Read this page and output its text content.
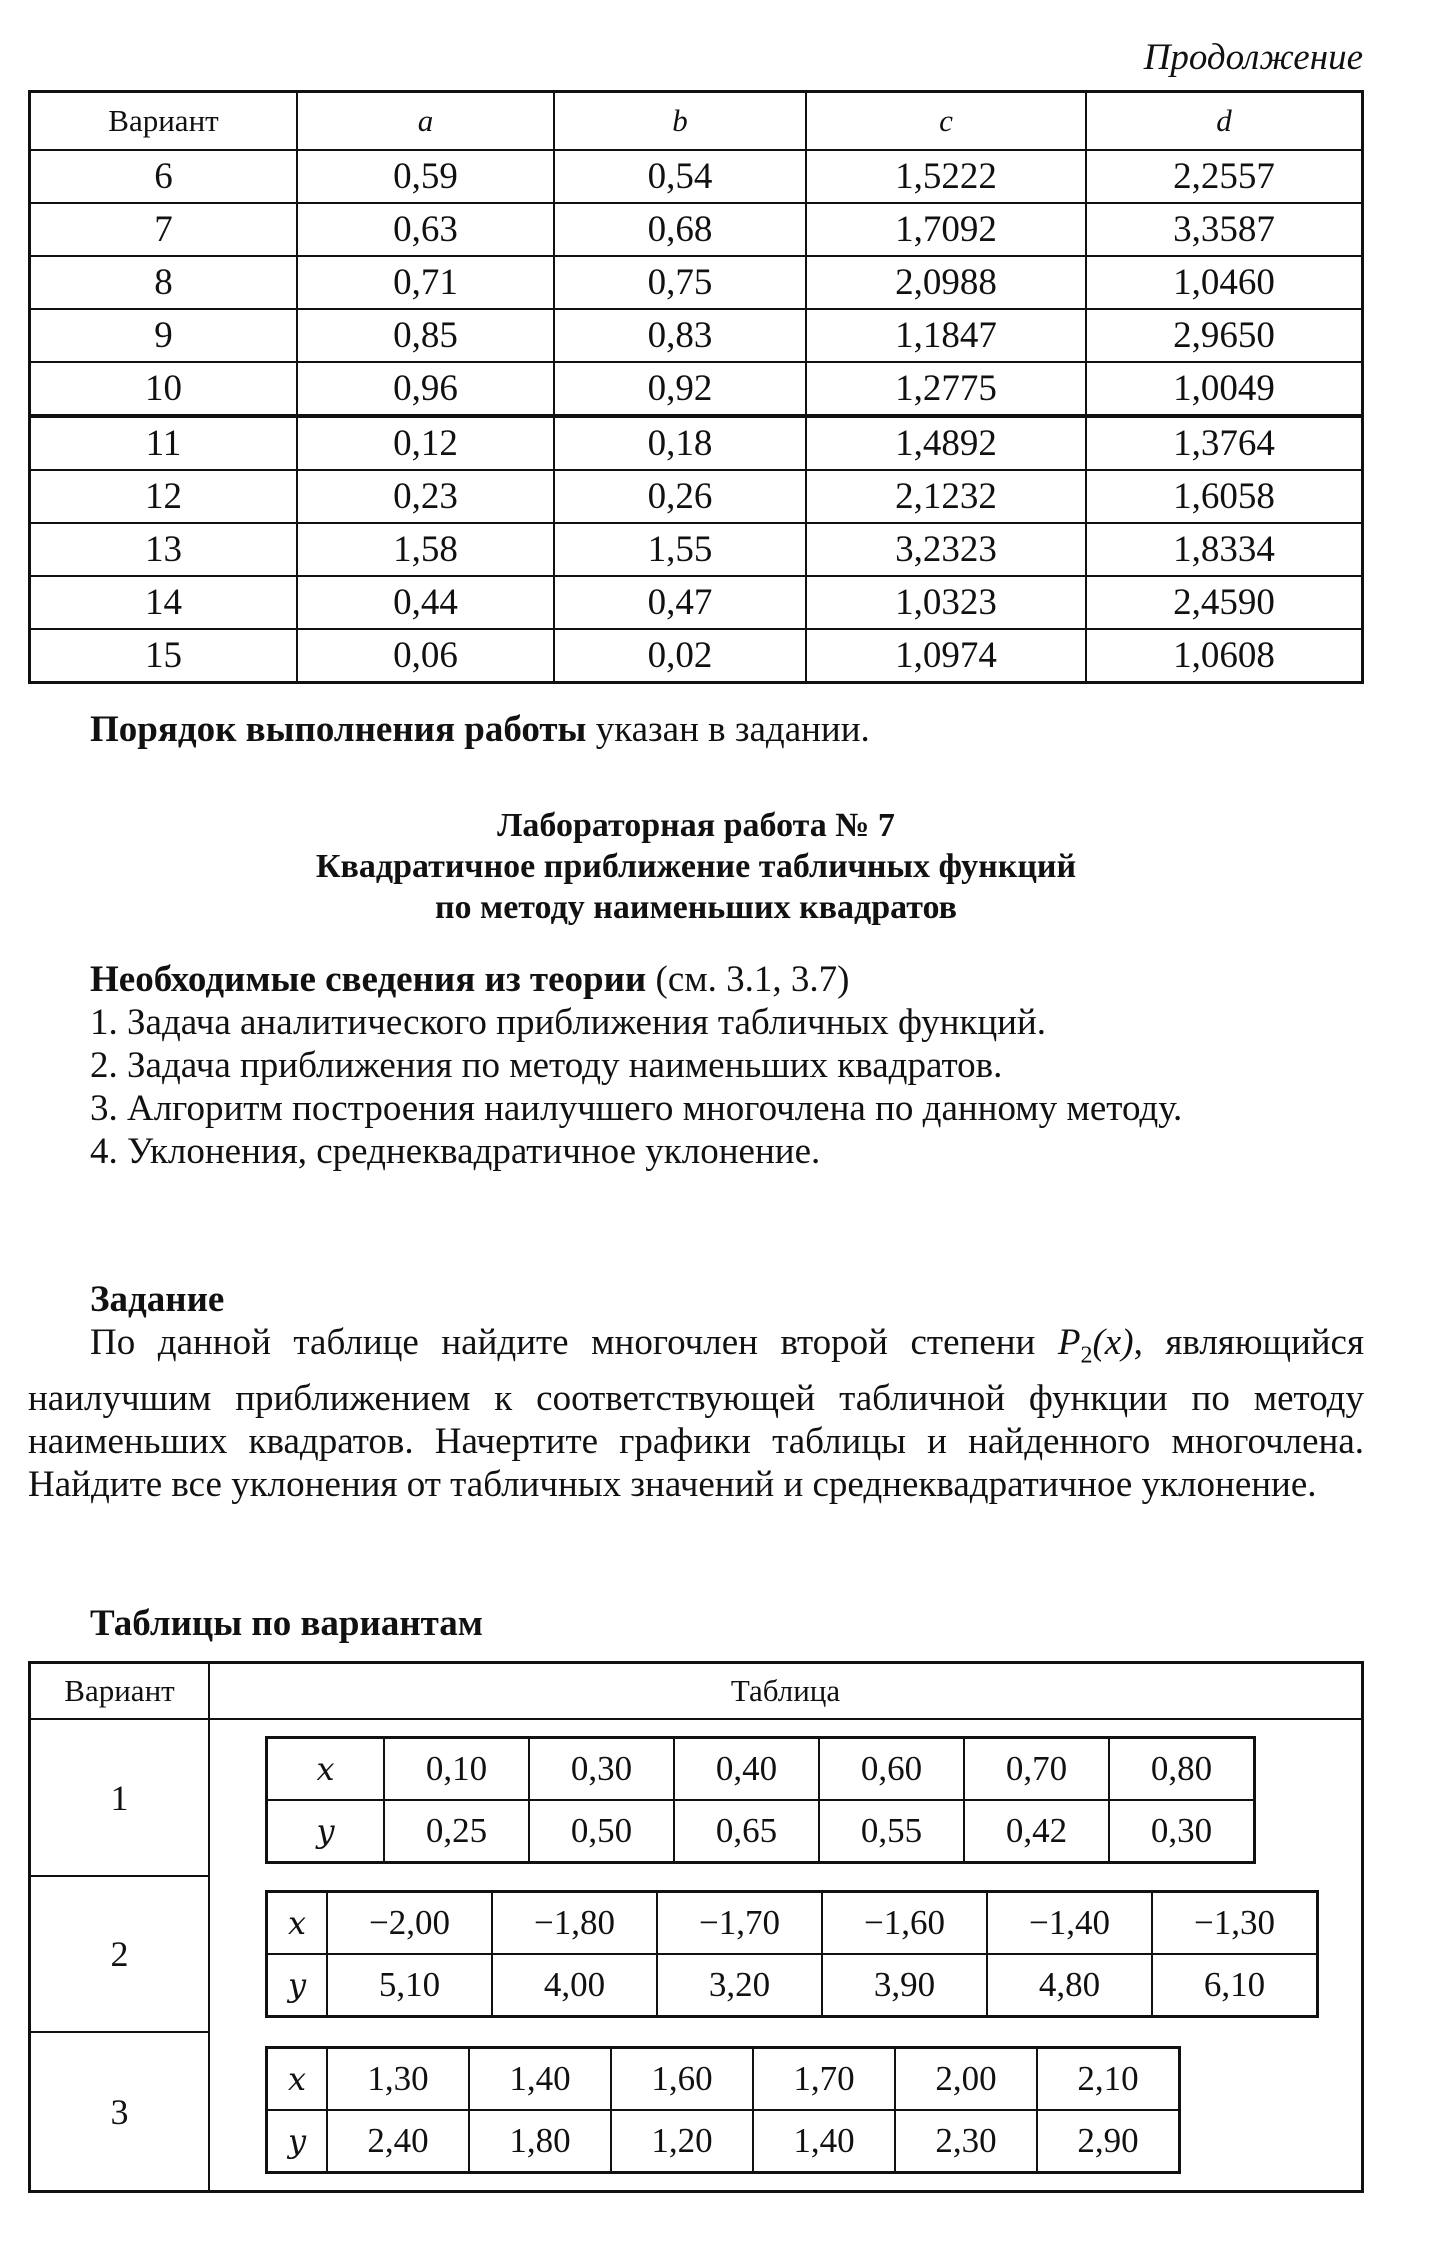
Продолжение
Вариант	a	b	c	d
6	0,59	0,54	1,5222	2,2557
7	0,63	0,68	1,7092	3,3587
8	0,71	0,75	2,0988	1,0460
9	0,85	0,83	1,1847	2,9650
10	0,96	0,92	1,2775	1,0049
11	0,12	0,18	1,4892	1,3764
12	0,23	0,26	2,1232	1,6058
13	1,58	1,55	3,2323	1,8334
14	0,44	0,47	1,0323	2,4590
15	0,06	0,02	1,0974	1,0608
Порядок выполнения работы указан в задании.
Лабораторная работа № 7
Квадратичное приближение табличных функций
по методу наименьших квадратов
Необходимые сведения из теории (см. 3.1, 3.7)
1. Задача аналитического приближения табличных функций.
2. Задача приближения по методу наименьших квадратов.
3. Алгоритм построения наилучшего многочлена по данному методу.
4. Уклонения, среднеквадратичное уклонение.
Задание
По данной таблице найдите многочлен второй степени $P_2(x)$, являющийся наилучшим приближением к соответствующей табличной функции по методу наименьших квадратов. Начертите графики таблицы и найденного многочлена. Найдите все уклонения от табличных значений и среднеквадратичное уклонение.
Таблицы по вариантам
Вариант	Таблица
1	
x	0,10	0,30	0,40	0,60	0,70	0,80
y	0,25	0,50	0,65	0,55	0,42	0,30

2	
x	−2,00	−1,80	−1,70	−1,60	−1,40	−1,30
y	5,10	4,00	3,20	3,90	4,80	6,10

3	
x	1,30	1,40	1,60	1,70	2,00	2,10
y	2,40	1,80	1,20	1,40	2,30	2,90
